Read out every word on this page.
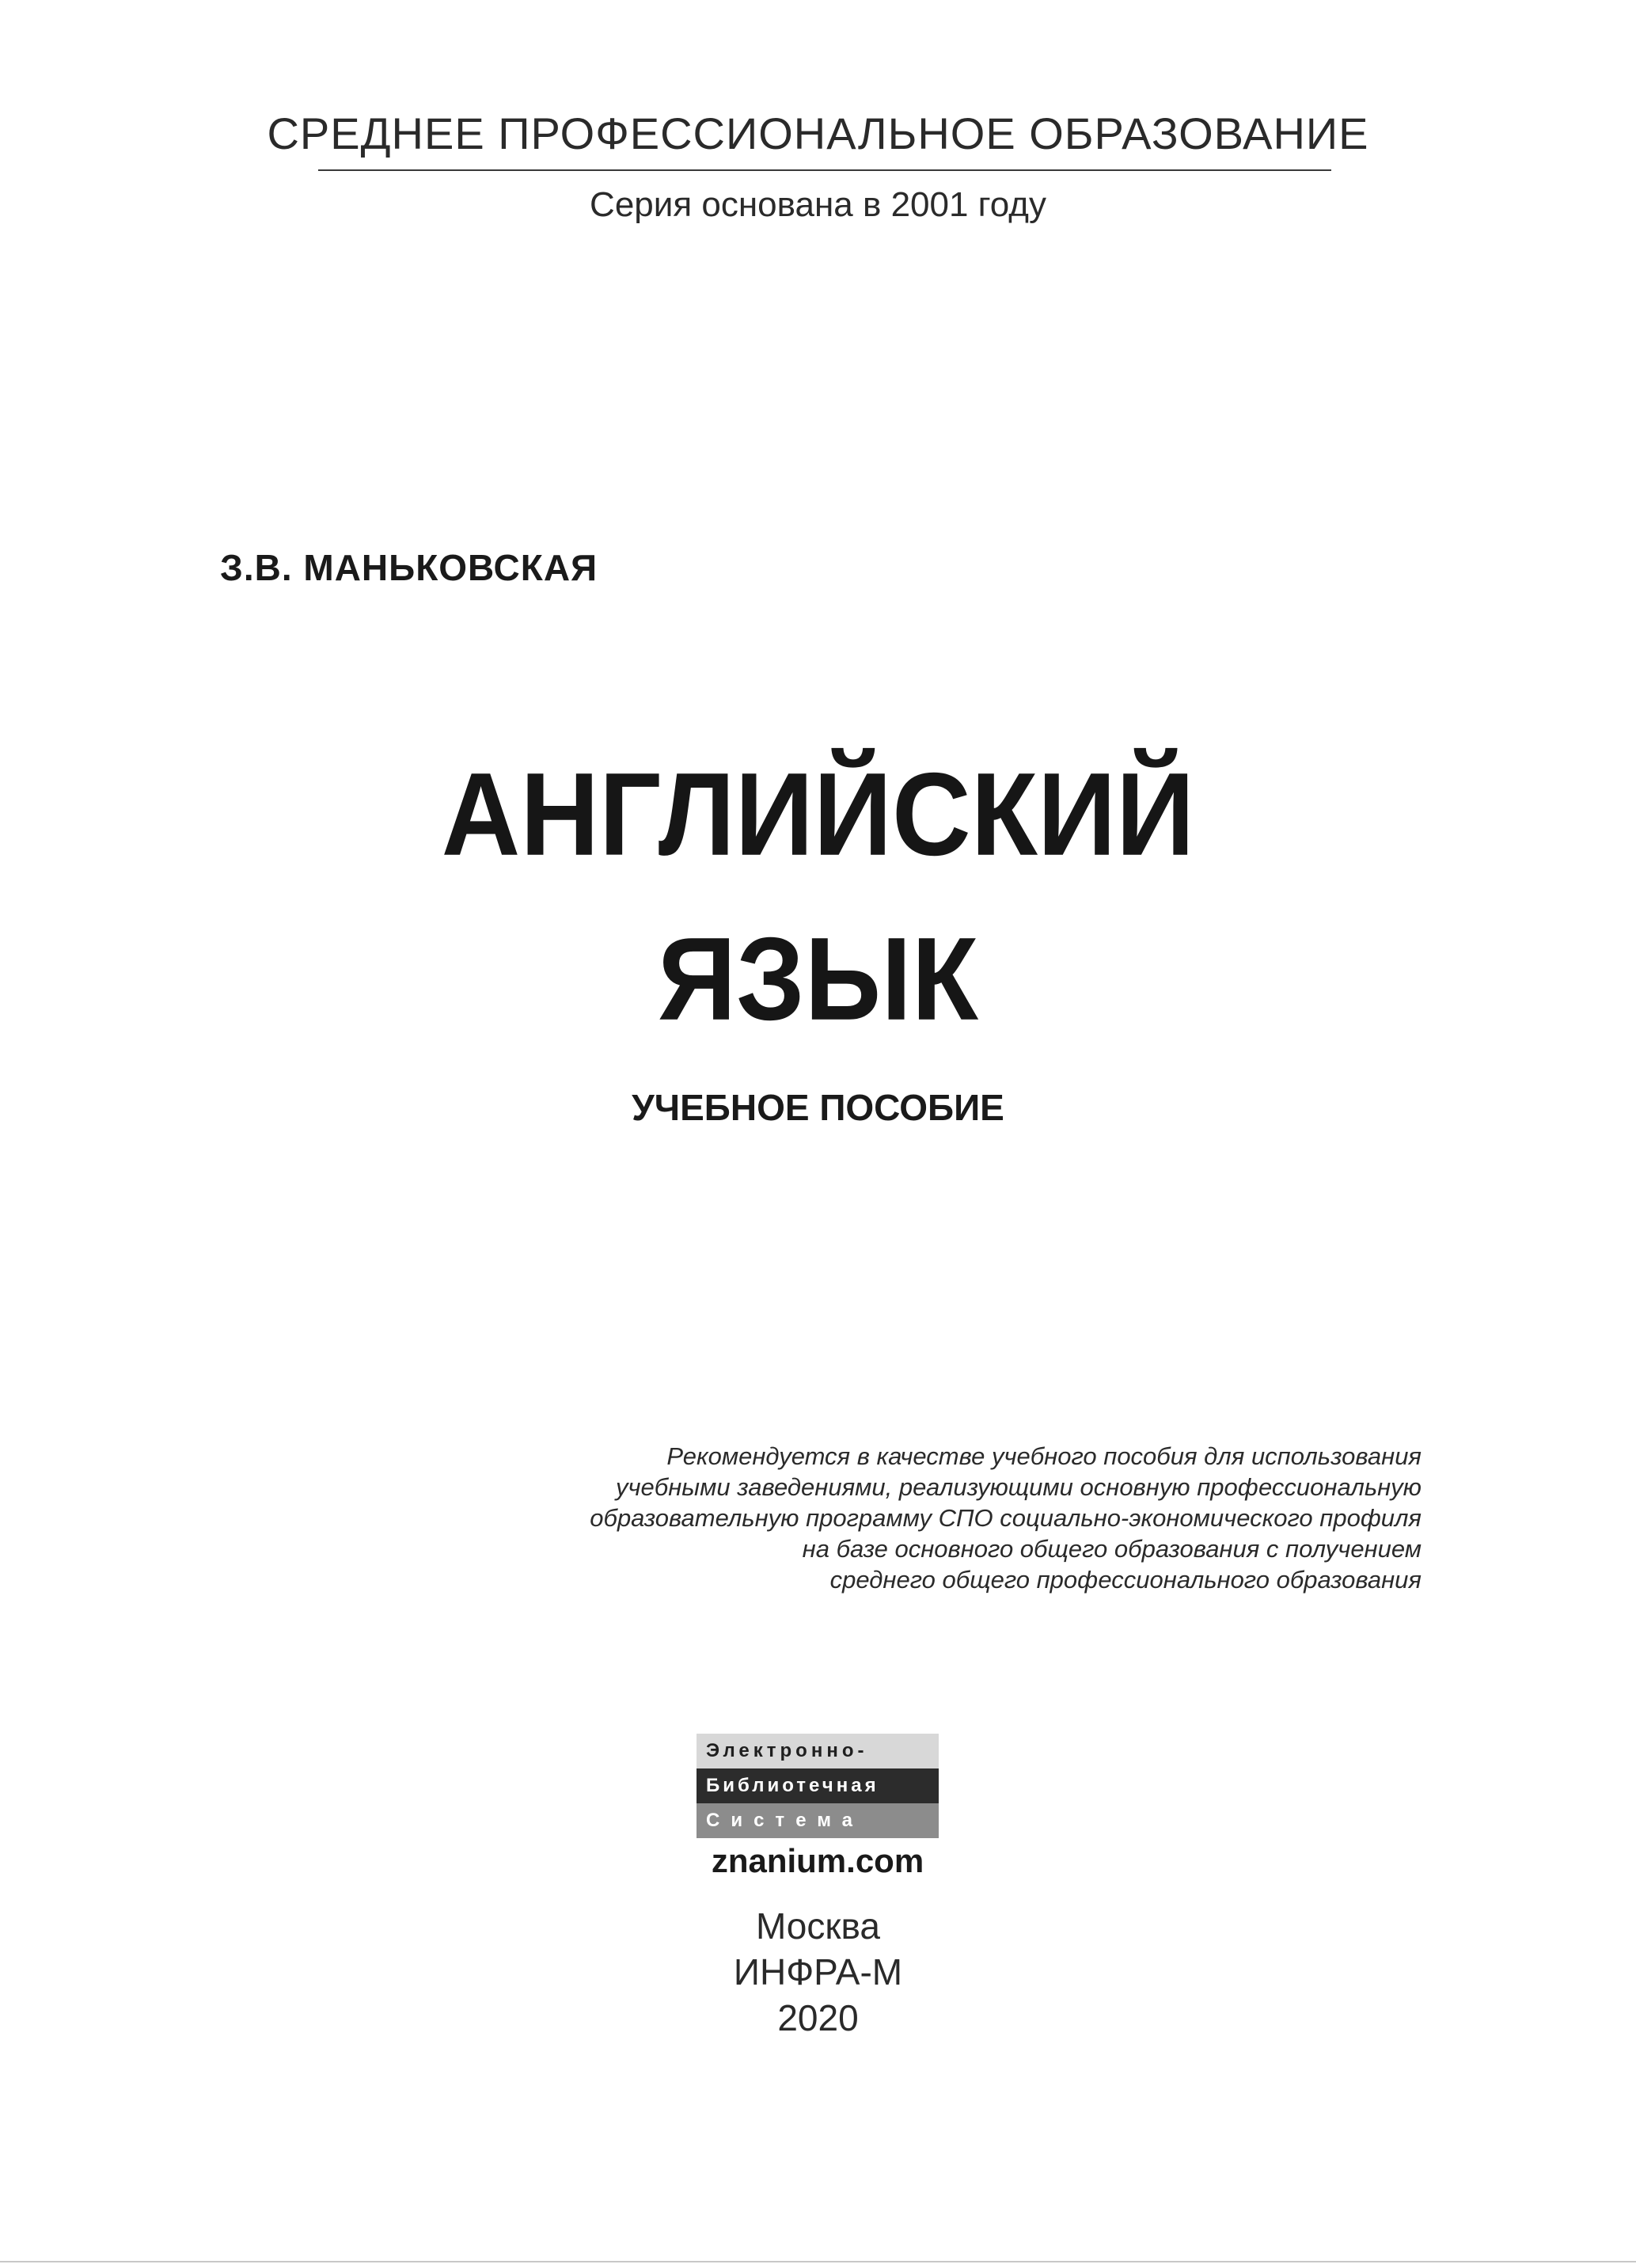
СРЕДНЕЕ ПРОФЕССИОНАЛЬНОЕ ОБРАЗОВАНИЕ
Серия основана в 2001 году
З.В. МАНЬКОВСКАЯ
АНГЛИЙСКИЙ
ЯЗЫК
УЧЕБНОЕ ПОСОБИЕ
Рекомендуется в качестве учебного пособия для использования
учебными заведениями, реализующими основную профессиональную
образовательную программу СПО социально-экономического профиля
на базе основного общего образования с получением
среднего общего профессионального образования
Электронно-
Библиотечная
Система
znanium.com
Москва
ИНФРА-М
2020
